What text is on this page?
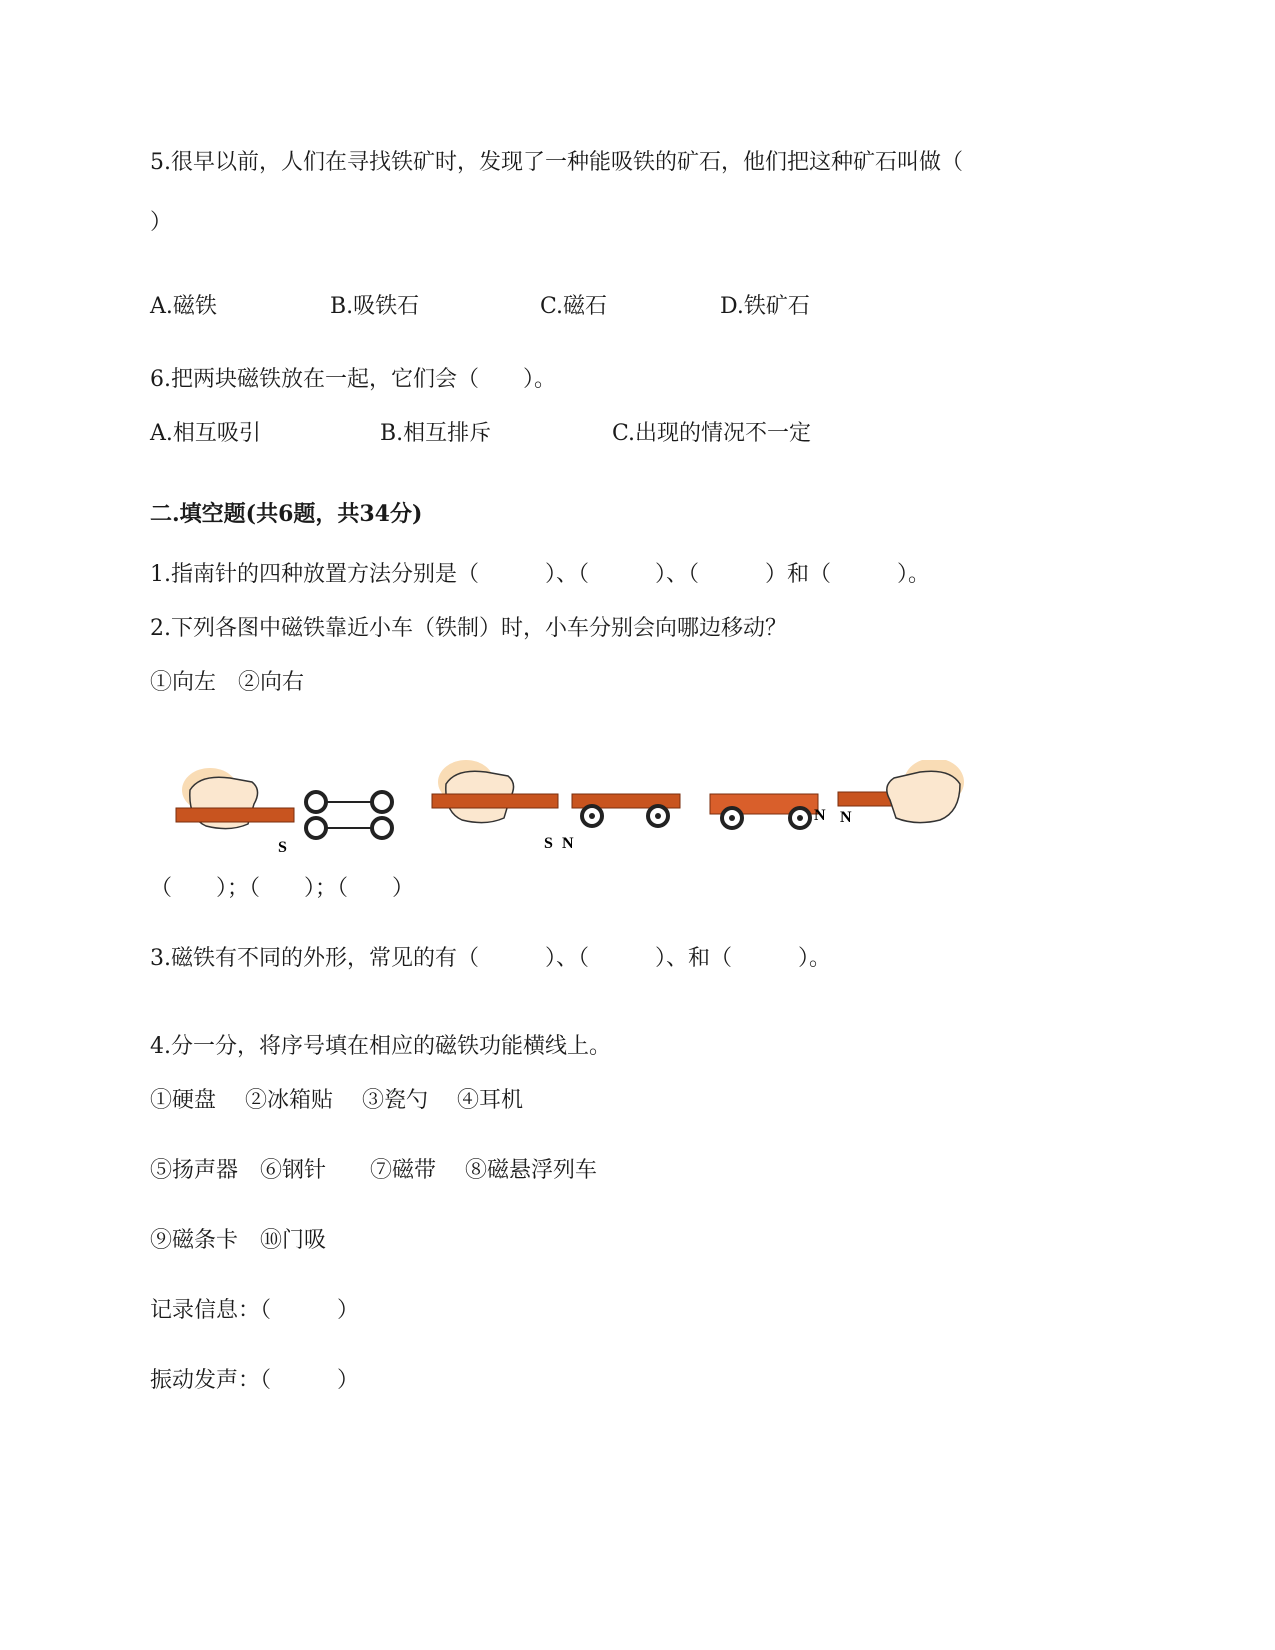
5.很早以前，人们在寻找铁矿时，发现了一种能吸铁的矿石，他们把这种矿石叫做（
）
A.磁铁	B.吸铁石	C.磁石	D.铁矿石
6.把两块磁铁放在一起，它们会（　　）。
A.相互吸引	B.相互排斥	C.出现的情况不一定
二.填空题(共6题，共34分)
1.指南针的四种放置方法分别是（　　　）、（　　　）、（　　　）和（　　　）。
2.下列各图中磁铁靠近小车（铁制）时，小车分别会向哪边移动？
①向左　②向右
S	S N
N N
（　　）；（　　）；（　　）
3.磁铁有不同的外形，常见的有（　　　）、（　　　）、和（　　　）。
4.分一分，将序号填在相应的磁铁功能横线上。
①硬盘　 ②冰箱贴　 ③瓷勺　 ④耳机
⑤扬声器　⑥钢针　　⑦磁带　 ⑧磁悬浮列车
⑨磁条卡　⑩门吸
记录信息：（　　　）
振动发声：（　　　）
